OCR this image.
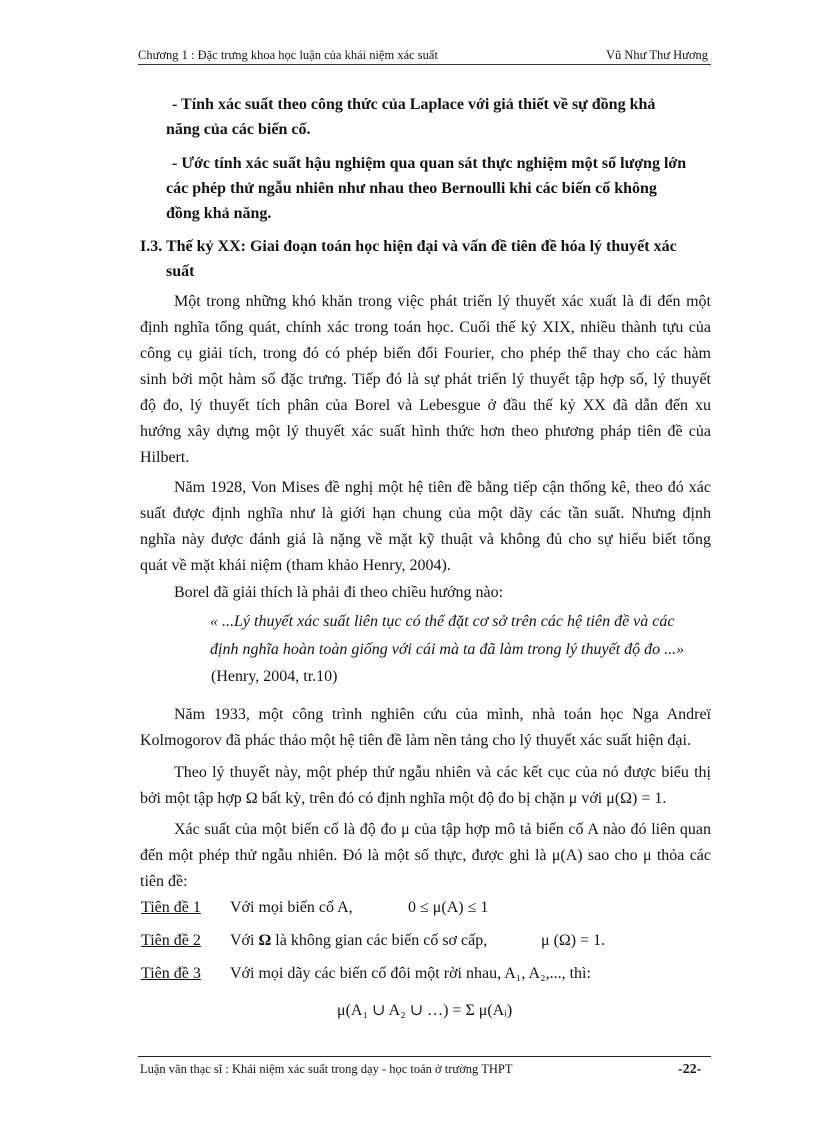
Chương 1 : Đặc trưng khoa học luận của khái niệm xác suất	Vũ Như Thư Hương
- Tính xác suất theo công thức của Laplace với giả thiết về sự đồng khả
năng của các biến cố.
- Ước tính xác suất hậu nghiệm qua quan sát thực nghiệm một số lượng lớn
các phép thử ngẫu nhiên như nhau theo Bernoulli khi các biến cố không
đồng khả năng.
I.3. Thế kỷ XX: Giai đoạn toán học hiện đại và vấn đề tiên đề hóa lý thuyết xác
suất
Một trong những khó khăn trong việc phát triển lý thuyết xác xuất là đi đến một
định nghĩa tổng quát, chính xác trong toán học. Cuối thế kỷ XIX, nhiều thành tựu của
công cụ giải tích, trong đó có phép biến đổi Fourier, cho phép thể thay cho các hàm
sinh bởi một hàm số đặc trưng. Tiếp đó là sự phát triển lý thuyết tập hợp số, lý thuyết
độ đo, lý thuyết tích phân của Borel và Lebesgue ở đầu thế kỷ XX đã dẫn đến xu
hướng xây dựng một lý thuyết xác suất hình thức hơn theo phương pháp tiên đề của
Hilbert.
Năm 1928, Von Mises đề nghị một hệ tiên đề bằng tiếp cận thống kê, theo đó xác
suất được định nghĩa như là giới hạn chung của một dãy các tần suất. Nhưng định
nghĩa này được đánh giá là nặng về mặt kỹ thuật và không đủ cho sự hiểu biết tổng
quát về mặt khái niệm (tham khảo Henry, 2004).
Borel đã giải thích là phải đi theo chiều hướng nào:
« ...Lý thuyết xác suất liên tục có thể đặt cơ sở trên các hệ tiên đề và các
định nghĩa hoàn toàn giống với cái mà ta đã làm trong lý thuyết độ đo ...»
(Henry, 2004, tr.10)
Năm 1933, một công trình nghiên cứu của mình, nhà toán học Nga Andreï
Kolmogorov đã phác thảo một hệ tiên đề làm nền tảng cho lý thuyết xác suất hiện đại.
Theo lý thuyết này, một phép thử ngẫu nhiên và các kết cục của nó được biểu thị
bởi một tập hợp Ω bất kỳ, trên đó có định nghĩa một độ đo bị chặn μ với μ(Ω) = 1.
Xác suất của một biến cố là độ đo μ của tập hợp mô tả biến cố A nào đó liên quan
đến một phép thử ngẫu nhiên. Đó là một số thực, được ghi là μ(A) sao cho μ thỏa các
tiên đề:
Tiên đề 1 Với mọi biến cố A,	0 ≤ μ(A) ≤ 1
Tiên đề 2 Với Ω là không gian các biến cố sơ cấp,	μ (Ω) = 1.
Tiên đề 3 Với mọi dãy các biến cố đôi một rời nhau, A₁, A₂,..., thì:
μ(A₁ ∪ A₂ ∪ …) = Σ μ(Aᵢ)
Luận văn thạc sĩ : Khái niệm xác suất trong dạy - học toán ở trường THPT	-22-
